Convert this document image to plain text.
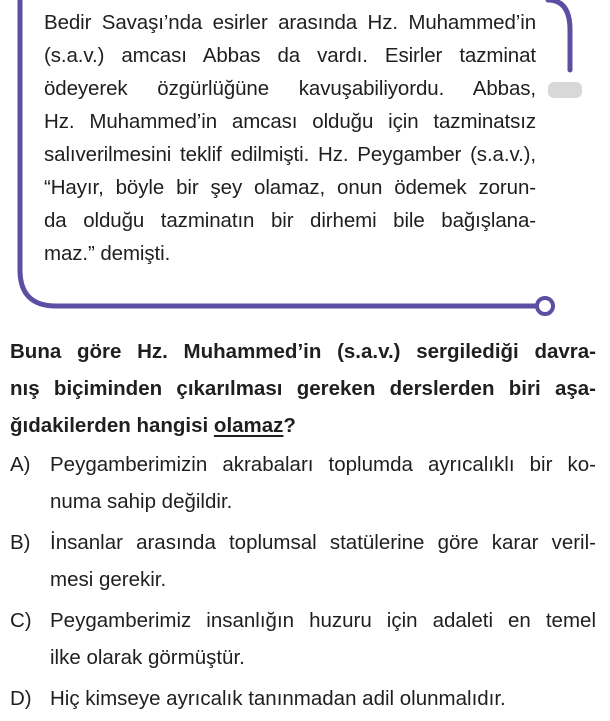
Bedir Savaşı’nda esirler arasında Hz. Muhammed’in
(s.a.v.) amcası Abbas da vardı. Esirler tazminat
ödeyerek özgürlüğüne kavuşabiliyordu. Abbas,
Hz. Muhammed’in amcası olduğu için tazminatsız
salıverilmesini teklif edilmişti. Hz. Peygamber (s.a.v.),
“Hayır, böyle bir şey olamaz, onun ödemek zorun-
da olduğu tazminatın bir dirhemi bile bağışlana-
maz.” demişti.
Buna göre Hz. Muhammed’in (s.a.v.) sergilediği davra-
nış biçiminden çıkarılması gereken derslerden biri aşa-
ğıdakilerden hangisi olamaz?
A) Peygamberimizin akrabaları toplumda ayrıcalıklı bir ko-
numa sahip değildir.
B) İnsanlar arasında toplumsal statülerine göre karar veril-
mesi gerekir.
C) Peygamberimiz insanlığın huzuru için adaleti en temel
ilke olarak görmüştür.
D) Hiç kimseye ayrıcalık tanınmadan adil olunmalıdır.
